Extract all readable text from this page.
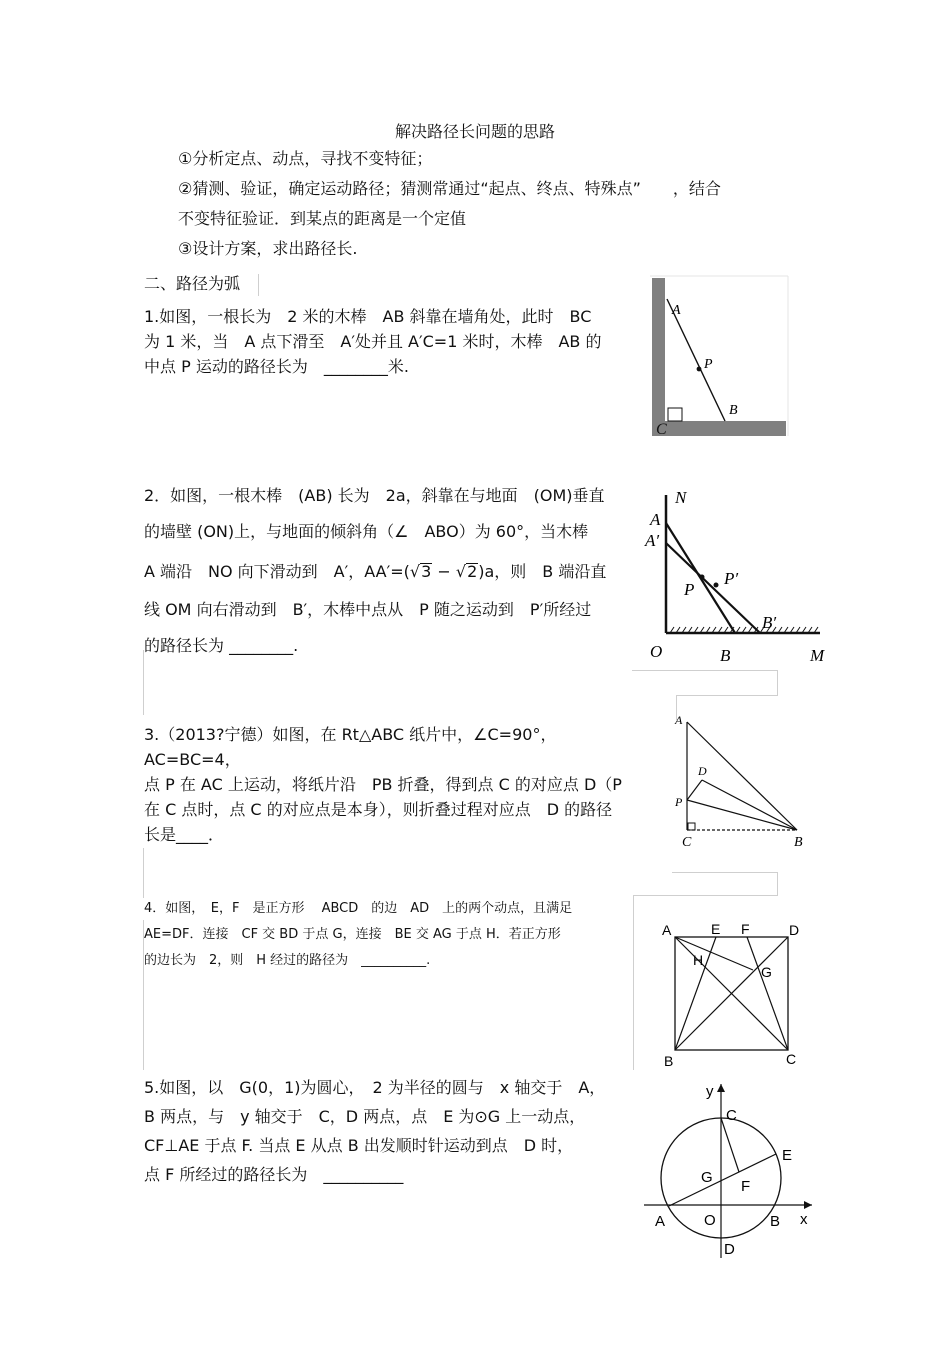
解决路径长问题的思路
①分析定点、动点，寻找不变特征；
②猜测、验证，确定运动路径；猜测常通过“起点、终点、特殊点”　　，结合
不变特征验证．到某点的距离是一个定值
③设计方案，求出路径长.
二、路径为弧
1.如图，一根长为　2 米的木棒　AB 斜靠在墙角处，此时　BC
为 1 米，当　A 点下滑至　A′处并且 A′C=1 米时，木棒　AB 的
中点 P 运动的路径长为　________米.
A
P
B
C
2．如图，一根木棒　(AB) 长为　2a，斜靠在与地面　(OM)垂直
的墙壁 (ON)上，与地面的倾斜角（∠　ABO）为 60°，当木棒
A 端沿　NO 向下滑动到　A′，AA′=(√3 − √2)a，则　B 端沿直
线 OM 向右滑动到　B′，木棒中点从　P 随之运动到　P′所经过
的路径长为 ________.
N
A
A′
P
P′
B′
O	B	M
3.（2013?宁德）如图，在 Rt△ABC 纸片中，∠C=90°，AC=BC=4，
点 P 在 AC 上运动，将纸片沿　PB 折叠，得到点 C 的对应点 D（P
在 C 点时，点 C 的对应点是本身），则折叠过程对应点　D 的路径
长是____．
A
D
P
C	B
4．如图，　E，F　是正方形　 ABCD　的边　AD　上的两个动点，且满足
AE=DF．连接　CF 交 BD 于点 G，连接　BE 交 AG 于点 H．若正方形
的边长为　2，则　H 经过的路径为　__________.
A	E F	D
H
G
B	C
5.如图，以　G(0，1)为圆心，　2 为半径的圆与　x 轴交于　A，
B 两点，与　y 轴交于　C，D 两点，点　E 为⊙G 上一动点，
CF⊥AE 于点 F. 当点 E 从点 B 出发顺时针运动到点　D 时，
点 F 所经过的路径长为　__________
y
C
E
G
F
A	O	B x
D
